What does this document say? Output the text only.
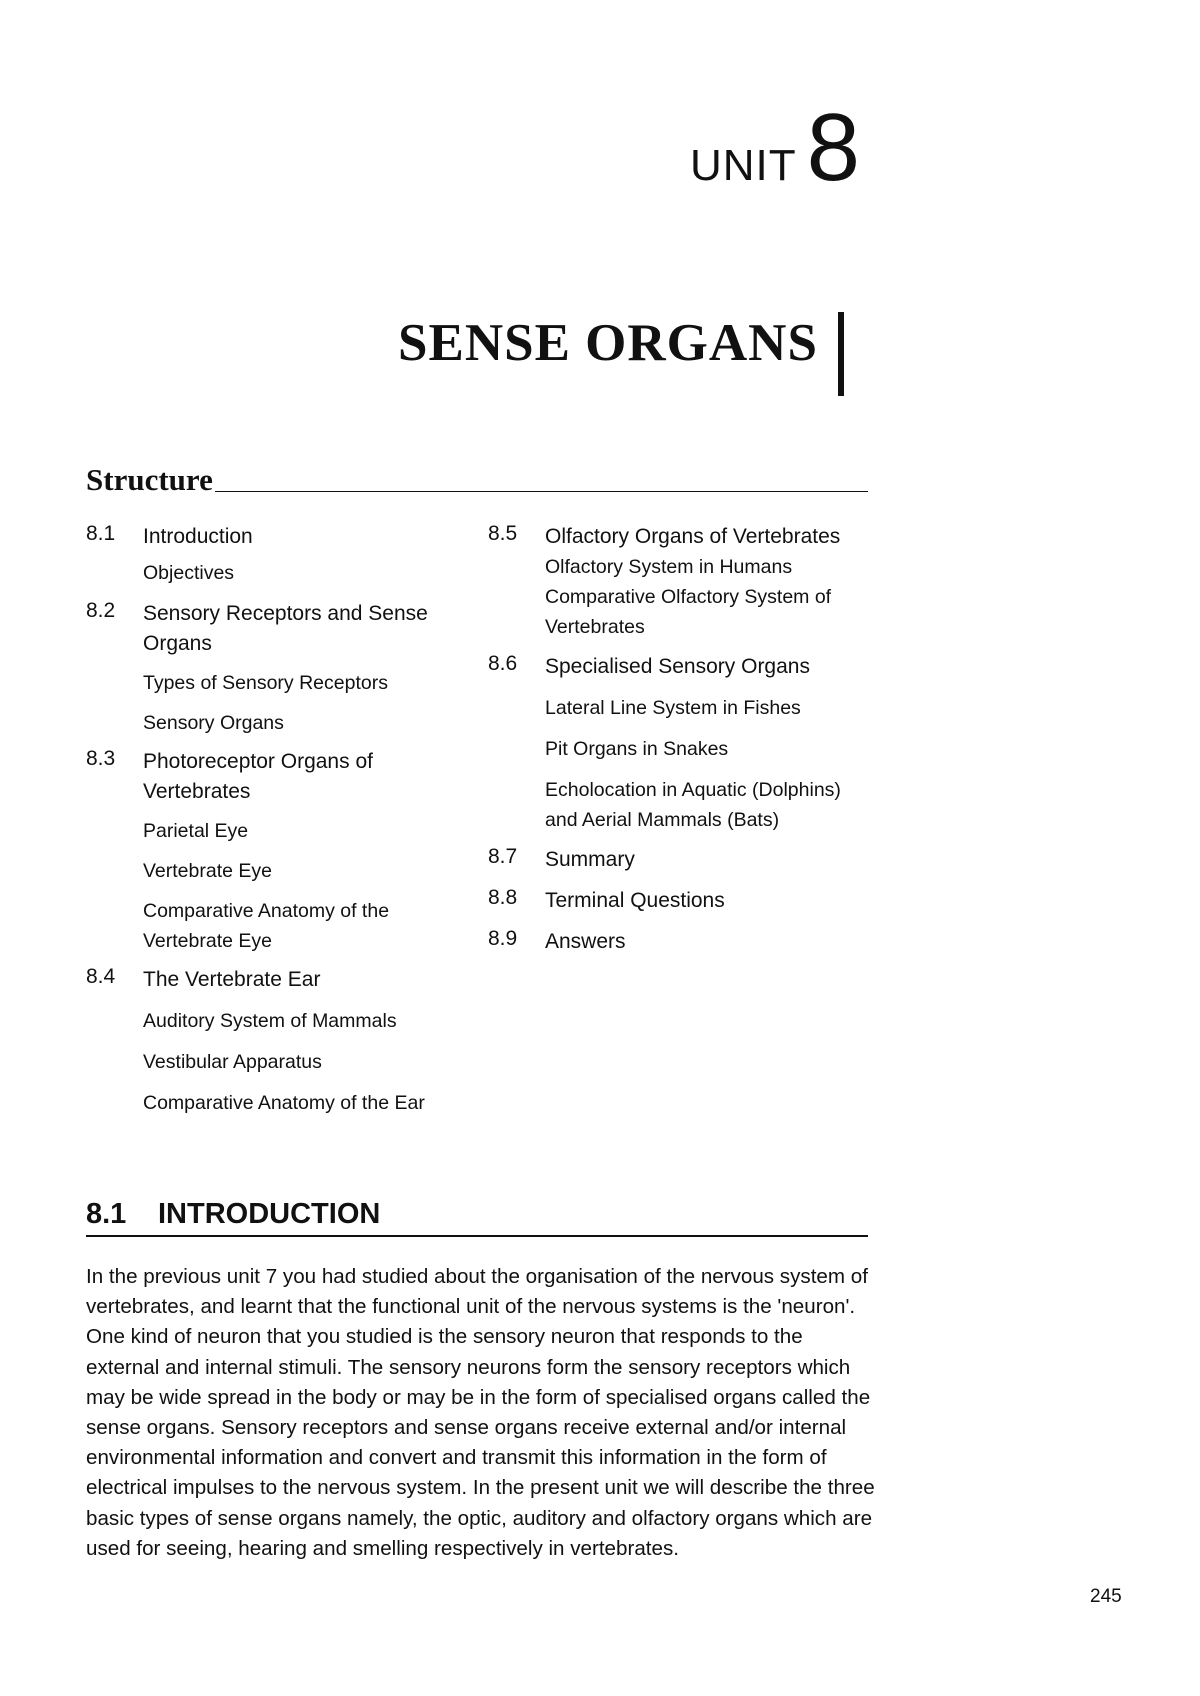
UNIT 8
SENSE ORGANS
Structure
8.1	Introduction
Objectives
8.2	Sensory Receptors and Sense Organs
Types of Sensory Receptors
Sensory Organs
8.3	Photoreceptor Organs of Vertebrates
Parietal Eye
Vertebrate Eye
Comparative Anatomy of the Vertebrate Eye
8.4	The Vertebrate Ear
Auditory System of Mammals
Vestibular Apparatus
Comparative Anatomy of the Ear
8.5	Olfactory Organs of Vertebrates
Olfactory System in Humans
Comparative Olfactory System of Vertebrates
8.6	Specialised Sensory Organs
Lateral Line System in Fishes
Pit Organs in Snakes
Echolocation in Aquatic (Dolphins) and Aerial Mammals (Bats)
8.7	Summary
8.8	Terminal Questions
8.9	Answers
8.1 INTRODUCTION

In the previous unit 7 you had studied about the organisation of the nervous system of vertebrates, and learnt that the functional unit of the nervous systems is the 'neuron'. One kind of neuron that you studied is the sensory neuron that responds to the external and internal stimuli. The sensory neurons form the sensory receptors which may be wide spread in the body or may be in the form of specialised organs called the sense organs. Sensory receptors and sense organs receive external and/or internal environmental information and convert and transmit this information in the form of electrical impulses to the nervous system. In the present unit we will describe the three basic types of sense organs namely, the optic, auditory and olfactory organs which are used for seeing, hearing and smelling respectively in vertebrates.

245
